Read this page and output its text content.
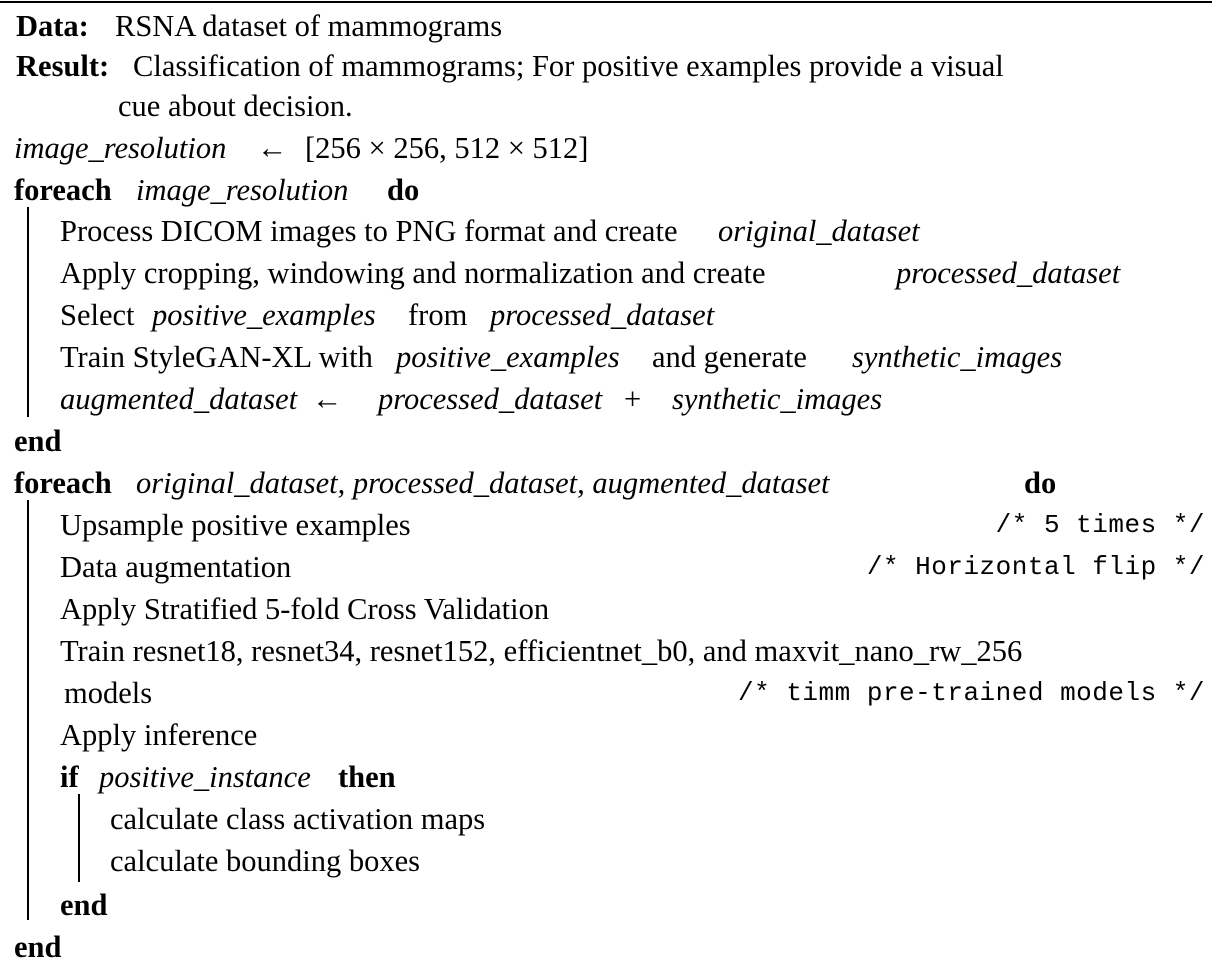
Data: RSNA dataset of mammograms
Result: Classification of mammograms; For positive examples provide a visual
cue about decision.
image_resolution ← [256 × 256, 512 × 512]
foreach image_resolution do
Process DICOM images to PNG format and create original_dataset
Apply cropping, windowing and normalization and create	processed_dataset
Select positive_examples from processed_dataset
Train StyleGAN-XL with positive_examples and generate synthetic_images
augmented_dataset ← processed_dataset + synthetic_images
end
foreach original_dataset, processed_dataset, augmented_dataset	do
Upsample positive examples	/* 5 times */
Data augmentation	/* Horizontal flip */
Apply Stratified 5-fold Cross Validation
Train resnet18, resnet34, resnet152, efficientnet_b0, and maxvit_nano_rw_256
models	/* timm pre-trained models */
Apply inference
if positive_instance then
calculate class activation maps
calculate bounding boxes
end
end
